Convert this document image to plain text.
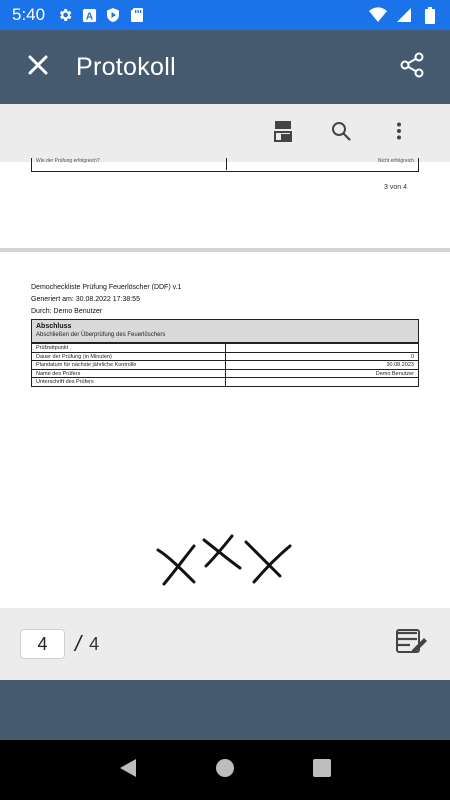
5:40	A
Protokoll
Wie der Prüfung erfolgreich?	Nicht erfolgreich
3 von 4
Democheckliste Prüfung Feuerlöscher (DDF) v.1
Generiert am: 30.08.2022 17:38:55
Durch: Demo Benutzer
Abschluss
Abschließen der Überprüfung des Feuerlöschers
Prüfzeitpunkt
Dauer der Prüfung (in Minuten)	0
Plandatum für nächste jährliche Kontrolle	30.08.2023
Name des Prüfers	Demo Benutzer
Unterschrift des Prüfers
4	/ 4
